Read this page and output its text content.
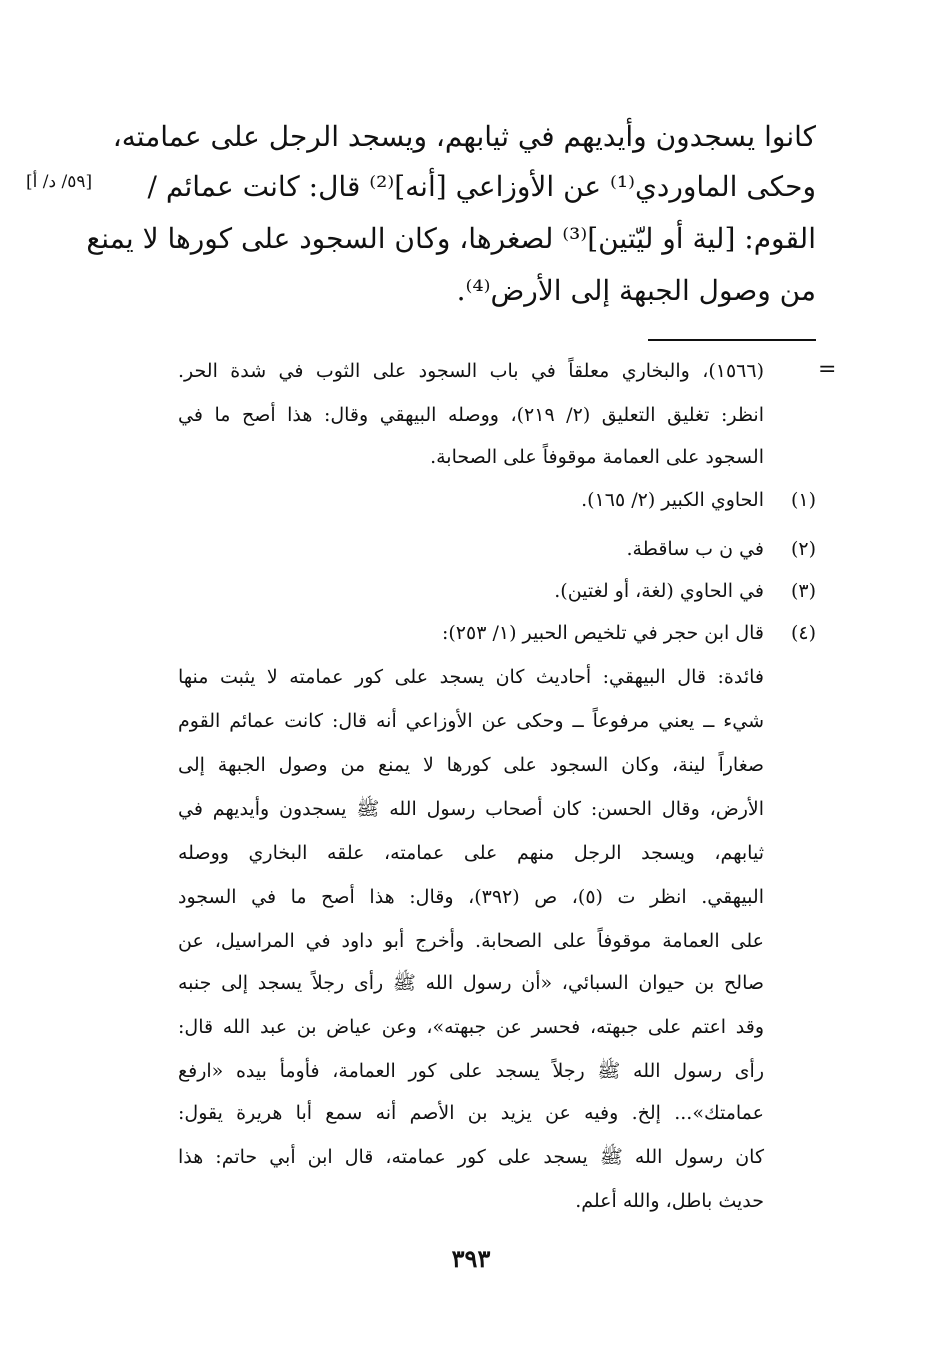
كانوا يسجدون وأيديهم في ثيابهم، ويسجد الرجل على عمامته،
وحكى الماوردي⁽¹⁾ عن الأوزاعي [أنه]⁽²⁾ قال: كانت عمائم /
القوم: [لية أو ليّتين]⁽³⁾ لصغرها، وكان السجود على كورها لا يمنع
من وصول الجبهة إلى الأرض⁽⁴⁾.
[٥٩/ د/ أ]
=
(١٥٦٦)، والبخاري معلقاً في باب السجود على الثوب في شدة الحر.
انظر: تغليق التعليق (٢/ ٢١٩)، ووصله البيهقي وقال: هذا أصح ما في
السجود على العمامة موقوفاً على الصحابة.
(١)الحاوي الكبير (٢/ ١٦٥).
(٢)في ن ب ساقطة.
(٣)في الحاوي (لغة، أو لغتين).
(٤)قال ابن حجر في تلخيص الحبير (١/ ٢٥٣):
فائدة: قال البيهقي: أحاديث كان يسجد على كور عمامته لا يثبت منها
شيء ــ يعني مرفوعاً ــ وحكى عن الأوزاعي أنه قال: كانت عمائم القوم
صغاراً لينة، وكان السجود على كورها لا يمنع من وصول الجبهة إلى
الأرض، وقال الحسن: كان أصحاب رسول الله ﷺ يسجدون وأيديهم في
ثيابهم، ويسجد الرجل منهم على عمامته، علقه البخاري ووصله
البيهقي. انظر ت (٥)، ص (٣٩٢)، وقال: هذا أصح ما في السجود
على العمامة موقوفاً على الصحابة. وأخرج أبو داود في المراسيل، عن
صالح بن حيوان السبائي، «أن رسول الله ﷺ رأى رجلاً يسجد إلى جنبه
وقد اعتم على جبهته، فحسر عن جبهته»، وعن عياض بن عبد الله قال:
رأى رسول الله ﷺ رجلاً يسجد على كور العمامة، فأومأ بيده «ارفع
عمامتك»... إلخ. وفيه عن يزيد بن الأصم أنه سمع أبا هريرة يقول:
كان رسول الله ﷺ يسجد على كور عمامته، قال ابن أبي حاتم: هذا
حديث باطل، والله أعلم.
٣٩٣
